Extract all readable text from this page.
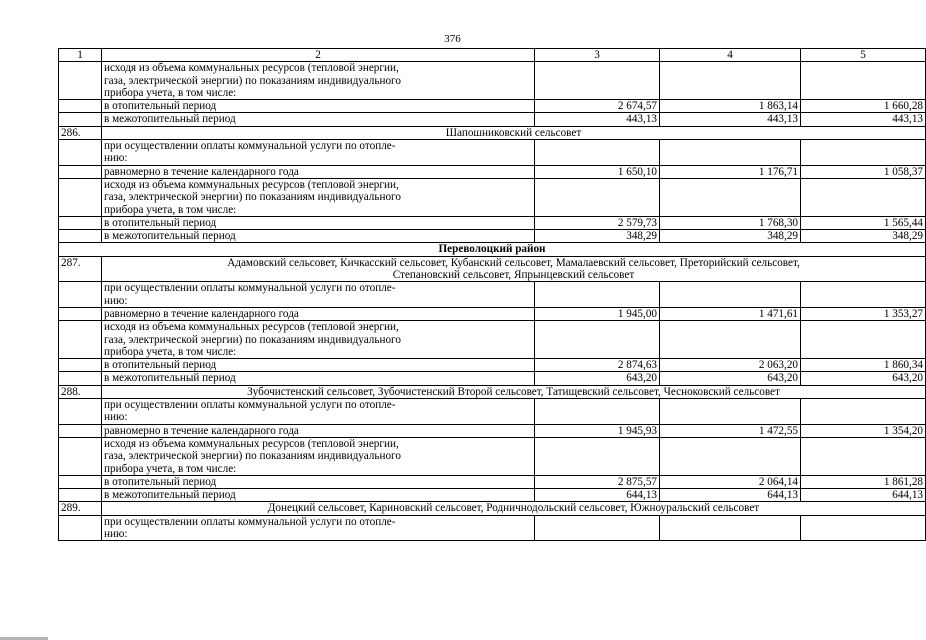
376
1	2	3	4	5

	исходя из объема коммунальных ресурсов (тепловой энергии,
газа, электрической энергии) по показаниям индивидуального
прибора учета, в том числе:			

	в отопительный период	2 674,57	1 863,14	1 660,28
	в межотопительный период	443,13	443,13	443,13
286.	Шапошниковский сельсовет			

	при осуществлении оплаты коммунальной услуги по отопле-
нию:			

	равномерно в течение календарного года	1 650,10	1 176,71	1 058,37

	исходя из объема коммунальных ресурсов (тепловой энергии,
газа, электрической энергии) по показаниям индивидуального
прибора учета, в том числе:			

	в отопительный период	2 579,73	1 768,30	1 565,44
	в межотопительный период	348,29	348,29	348,29
Переволоцкий район				
287.	Адамовский сельсовет, Кичкасский сельсовет, Кубанский сельсовет, Мамалаевский сельсовет, Преторийский сельсовет,
Степановский сельсовет, Япрынцевский сельсовет			

	при осуществлении оплаты коммунальной услуги по отопле-
нию:			

	равномерно в течение календарного года	1 945,00	1 471,61	1 353,27

	исходя из объема коммунальных ресурсов (тепловой энергии,
газа, электрической энергии) по показаниям индивидуального
прибора учета, в том числе:			

	в отопительный период	2 874,63	2 063,20	1 860,34
	в межотопительный период	643,20	643,20	643,20
288.	Зубочистенский сельсовет, Зубочистенский Второй сельсовет, Татищевский сельсовет, Чесноковский сельсовет			

	при осуществлении оплаты коммунальной услуги по отопле-
нию:			

	равномерно в течение календарного года	1 945,93	1 472,55	1 354,20

	исходя из объема коммунальных ресурсов (тепловой энергии,
газа, электрической энергии) по показаниям индивидуального
прибора учета, в том числе:			

	в отопительный период	2 875,57	2 064,14	1 861,28
	в межотопительный период	644,13	644,13	644,13
289.	Донецкий сельсовет, Кариновский сельсовет, Родничнодольский сельсовет, Южноуральский сельсовет			

	при осуществлении оплаты коммунальной услуги по отопле-
нию:			
